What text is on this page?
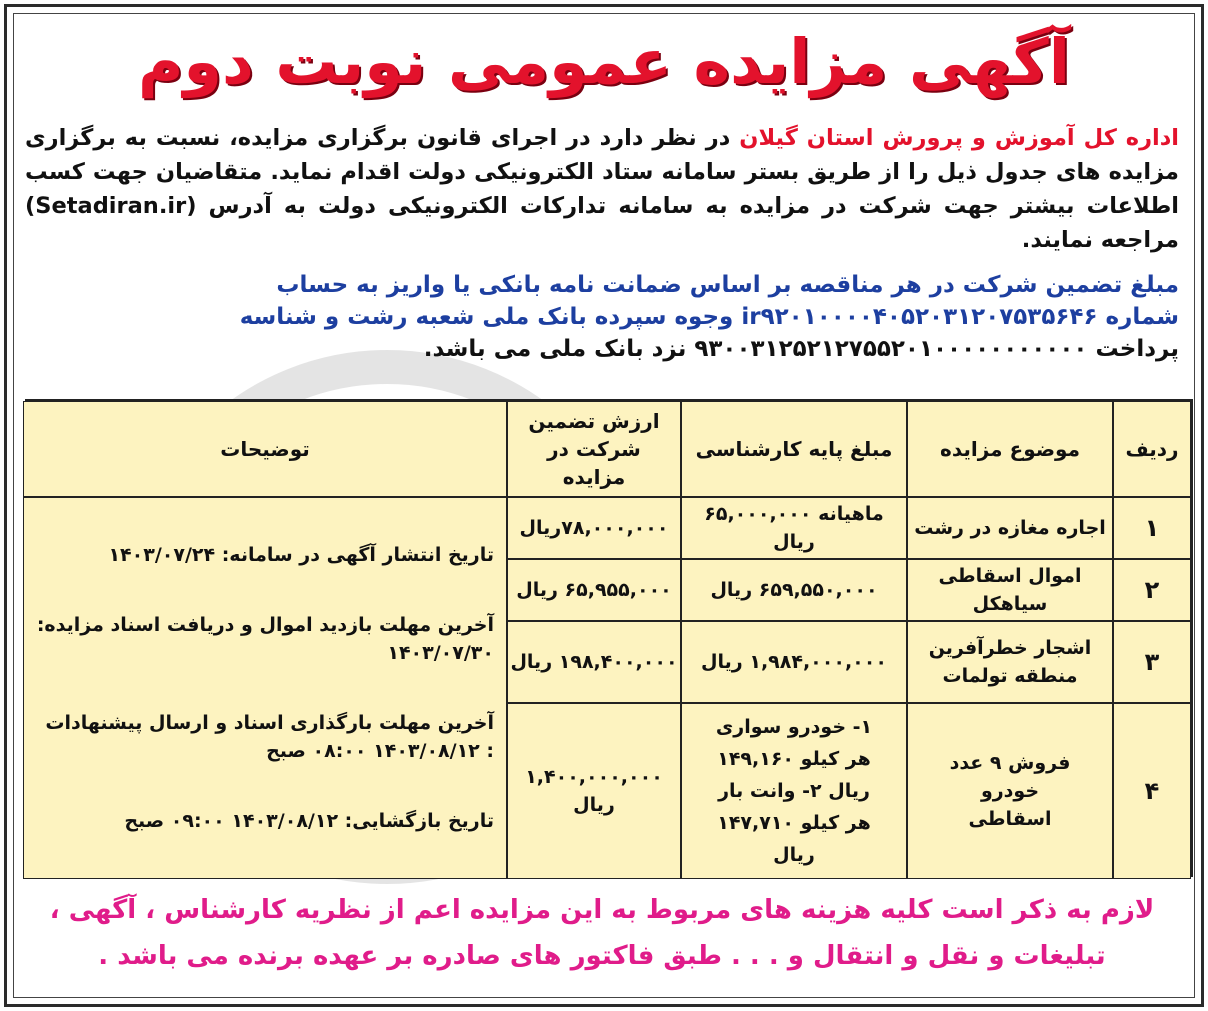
آگهی مزایده عمومی نوبت دوم
اداره کل آموزش و پرورش استان گیلان در نظر دارد در اجرای قانون برگزاری مزایده، نسبت به برگزاری مزایده های جدول ذیل را از طریق بستر سامانه ستاد الکترونیکی دولت اقدام نماید. متقاضیان جهت کسب اطلاعات بیشتر جهت شرکت در مزایده به سامانه تدارکات الکترونیکی دولت به آدرس (Setadiran.ir) مراجعه نمایند.
مبلغ تضمین شرکت در هر مناقصه بر اساس ضمانت نامه بانکی یا واریز به حساب
شماره ir۹۲۰۱۰۰۰۰۴۰۵۲۰۳۱۲۰۷۵۳۵۶۴۶ وجوه سپرده بانک ملی شعبه رشت و شناسه
پرداخت ۹۳۰۰۳۱۲۵۲۱۲۷۵۵۲۰۱۰۰۰۰۰۰۰۰۰۰۰ نزد بانک ملی می باشد.
ردیف
موضوع مزایده
مبلغ پایه کارشناسی
ارزش تضمین شرکت در مزایده
توضیحات
۱
اجاره مغازه در رشت
ماهیانه ۶۵,۰۰۰,۰۰۰ ریال
۷۸,۰۰۰,۰۰۰ریال
۲
اموال اسقاطی سیاهکل
۶۵۹,۵۵۰,۰۰۰ ریال
۶۵,۹۵۵,۰۰۰ ریال
۳
اشجار خطرآفرین منطقه تولمات
۱,۹۸۴,۰۰۰,۰۰۰ ریال
۱۹۸,۴۰۰,۰۰۰ ریال
۴
فروش ۹ عدد خودرو اسقاطی
۱- خودرو سواری هر کیلو ۱۴۹,۱۶۰ ریال ۲- وانت بار هر کیلو ۱۴۷,۷۱۰ ریال
۱,۴۰۰,۰۰۰,۰۰۰ ریال
تاریخ انتشار آگهی در سامانه: ۱۴۰۳/۰۷/۲۴
آخرین مهلت بازدید اموال و دریافت اسناد مزایده: ۱۴۰۳/۰۷/۳۰
آخرین مهلت بارگذاری اسناد و ارسال پیشنهادات : ۱۴۰۳/۰۸/۱۲ ۰۸:۰۰ صبح
تاریخ بازگشایی: ۱۴۰۳/۰۸/۱۲ ۰۹:۰۰ صبح
لازم به ذکر است کلیه هزینه های مربوط به این مزایده اعم از نظریه کارشناس ، آگهی ، تبلیغات و نقل و انتقال و . . . طبق فاکتور های صادره بر عهده برنده می باشد .
